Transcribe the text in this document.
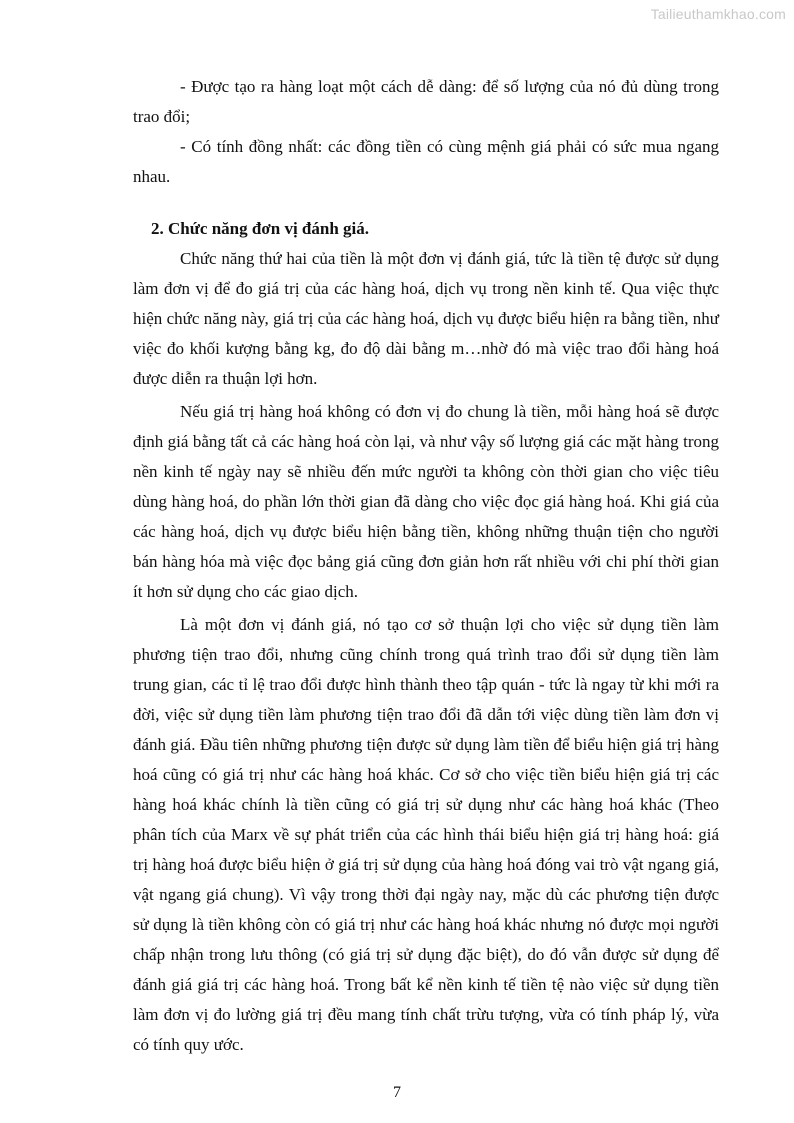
Tailieuthamkhao.com

- Được tạo ra hàng loạt một cách dễ dàng: để số lượng của nó đủ dùng trong trao đổi;

- Có tính đồng nhất: các đồng tiền có cùng mệnh giá phải có sức mua ngang nhau.

2. Chức năng đơn vị đánh giá.

Chức năng thứ hai của tiền là một đơn vị đánh giá, tức là tiền tệ được sử dụng làm đơn vị để đo giá trị của các hàng hoá, dịch vụ trong nền kinh tế. Qua việc thực hiện chức năng này, giá trị của các hàng hoá, dịch vụ được biểu hiện ra bằng tiền, như việc đo khối kượng bằng kg, đo độ dài bằng m…nhờ đó mà việc trao đổi hàng hoá được diễn ra thuận lợi hơn.

Nếu giá trị hàng hoá không có đơn vị đo chung là tiền, mỗi hàng hoá sẽ được định giá bằng tất cả các hàng hoá còn lại, và như vậy số lượng giá các mặt hàng trong nền kinh tế ngày nay sẽ nhiều đến mức người ta không còn thời gian cho việc tiêu dùng hàng hoá, do phần lớn thời gian đã dàng cho việc đọc giá hàng hoá. Khi giá của các hàng hoá, dịch vụ được biểu hiện bằng tiền, không những thuận tiện cho người bán hàng hóa mà việc đọc bảng giá cũng đơn giản hơn rất nhiều với chi phí thời gian ít hơn sử dụng cho các giao dịch.

Là một đơn vị đánh giá, nó tạo cơ sở thuận lợi cho việc sử dụng tiền làm phương tiện trao đổi, nhưng cũng chính trong quá trình trao đổi sử dụng tiền làm trung gian, các tỉ lệ trao đổi được hình thành theo tập quán - tức là ngay từ khi mới ra đời, việc sử dụng tiền làm phương tiện trao đổi đã dẫn tới việc dùng tiền làm đơn vị đánh giá. Đầu tiên những phương tiện được sử dụng làm tiền để biểu hiện giá trị hàng hoá cũng có giá trị như các hàng hoá khác. Cơ sở cho việc tiền biểu hiện giá trị các hàng hoá khác chính là tiền cũng có giá trị sử dụng như các hàng hoá khác (Theo phân tích của Marx về sự phát triển của các hình thái biểu hiện giá trị hàng hoá: giá trị hàng hoá được biểu hiện ở giá trị sử dụng của hàng hoá đóng vai trò vật ngang giá, vật ngang giá chung). Vì vậy trong thời đại ngày nay, mặc dù các phương tiện được sử dụng là tiền không còn có giá trị như các hàng hoá khác nhưng nó được mọi người chấp nhận trong lưu thông (có giá trị sử dụng đặc biệt), do đó vẫn được sử dụng để đánh giá giá trị các hàng hoá. Trong bất kể nền kinh tế tiền tệ nào việc sử dụng tiền làm đơn vị đo lường giá trị đều mang tính chất trừu tượng, vừa có tính pháp lý, vừa có tính quy ước.

7
